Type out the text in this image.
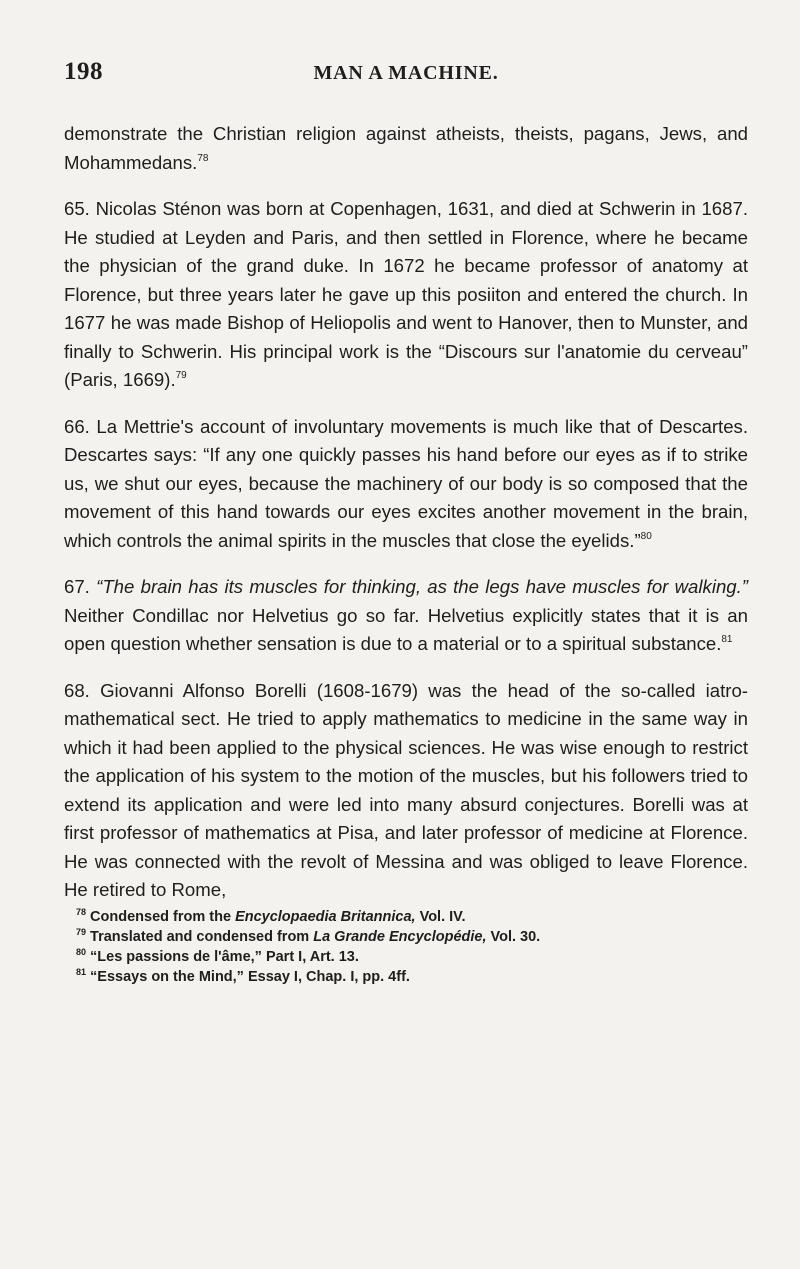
198	MAN A MACHINE.

demonstrate the Christian religion against atheists, theists, pagans, Jews, and Mohammedans.$^{78}$

65. Nicolas Sténon was born at Copenhagen, 1631, and died at Schwerin in 1687. He studied at Leyden and Paris, and then settled in Florence, where he became the physician of the grand duke. In 1672 he became professor of anatomy at Florence, but three years later he gave up this posiiton and entered the church. In 1677 he was made Bishop of Heliopolis and went to Hanover, then to Munster, and finally to Schwerin. His principal work is the “Discours sur l'anatomie du cerveau” (Paris, 1669).$^{79}$

66. La Mettrie's account of involuntary movements is much like that of Descartes. Descartes says: “If any one quickly passes his hand before our eyes as if to strike us, we shut our eyes, because the machinery of our body is so composed that the movement of this hand towards our eyes excites another movement in the brain, which controls the animal spirits in the muscles that close the eyelids.”$^{80}$

67. “The brain has its muscles for thinking, as the legs have muscles for walking.” Neither Condillac nor Helvetius go so far. Helvetius explicitly states that it is an open question whether sensation is due to a material or to a spiritual substance.$^{81}$

68. Giovanni Alfonso Borelli (1608-1679) was the head of the so-called iatro-mathematical sect. He tried to apply mathematics to medicine in the same way in which it had been applied to the physical sciences. He was wise enough to restrict the application of his system to the motion of the muscles, but his followers tried to extend its application and were led into many absurd conjectures. Borelli was at first professor of mathematics at Pisa, and later professor of medicine at Florence. He was connected with the revolt of Messina and was obliged to leave Florence. He retired to Rome,

$^{78}$ Condensed from the Encyclopaedia Britannica, Vol. IV.

$^{79}$ Translated and condensed from La Grande Encyclopédie, Vol. 30.

$^{80}$ “Les passions de l'âme,” Part I, Art. 13.

$^{81}$ “Essays on the Mind,” Essay I, Chap. I, pp. 4ff.
